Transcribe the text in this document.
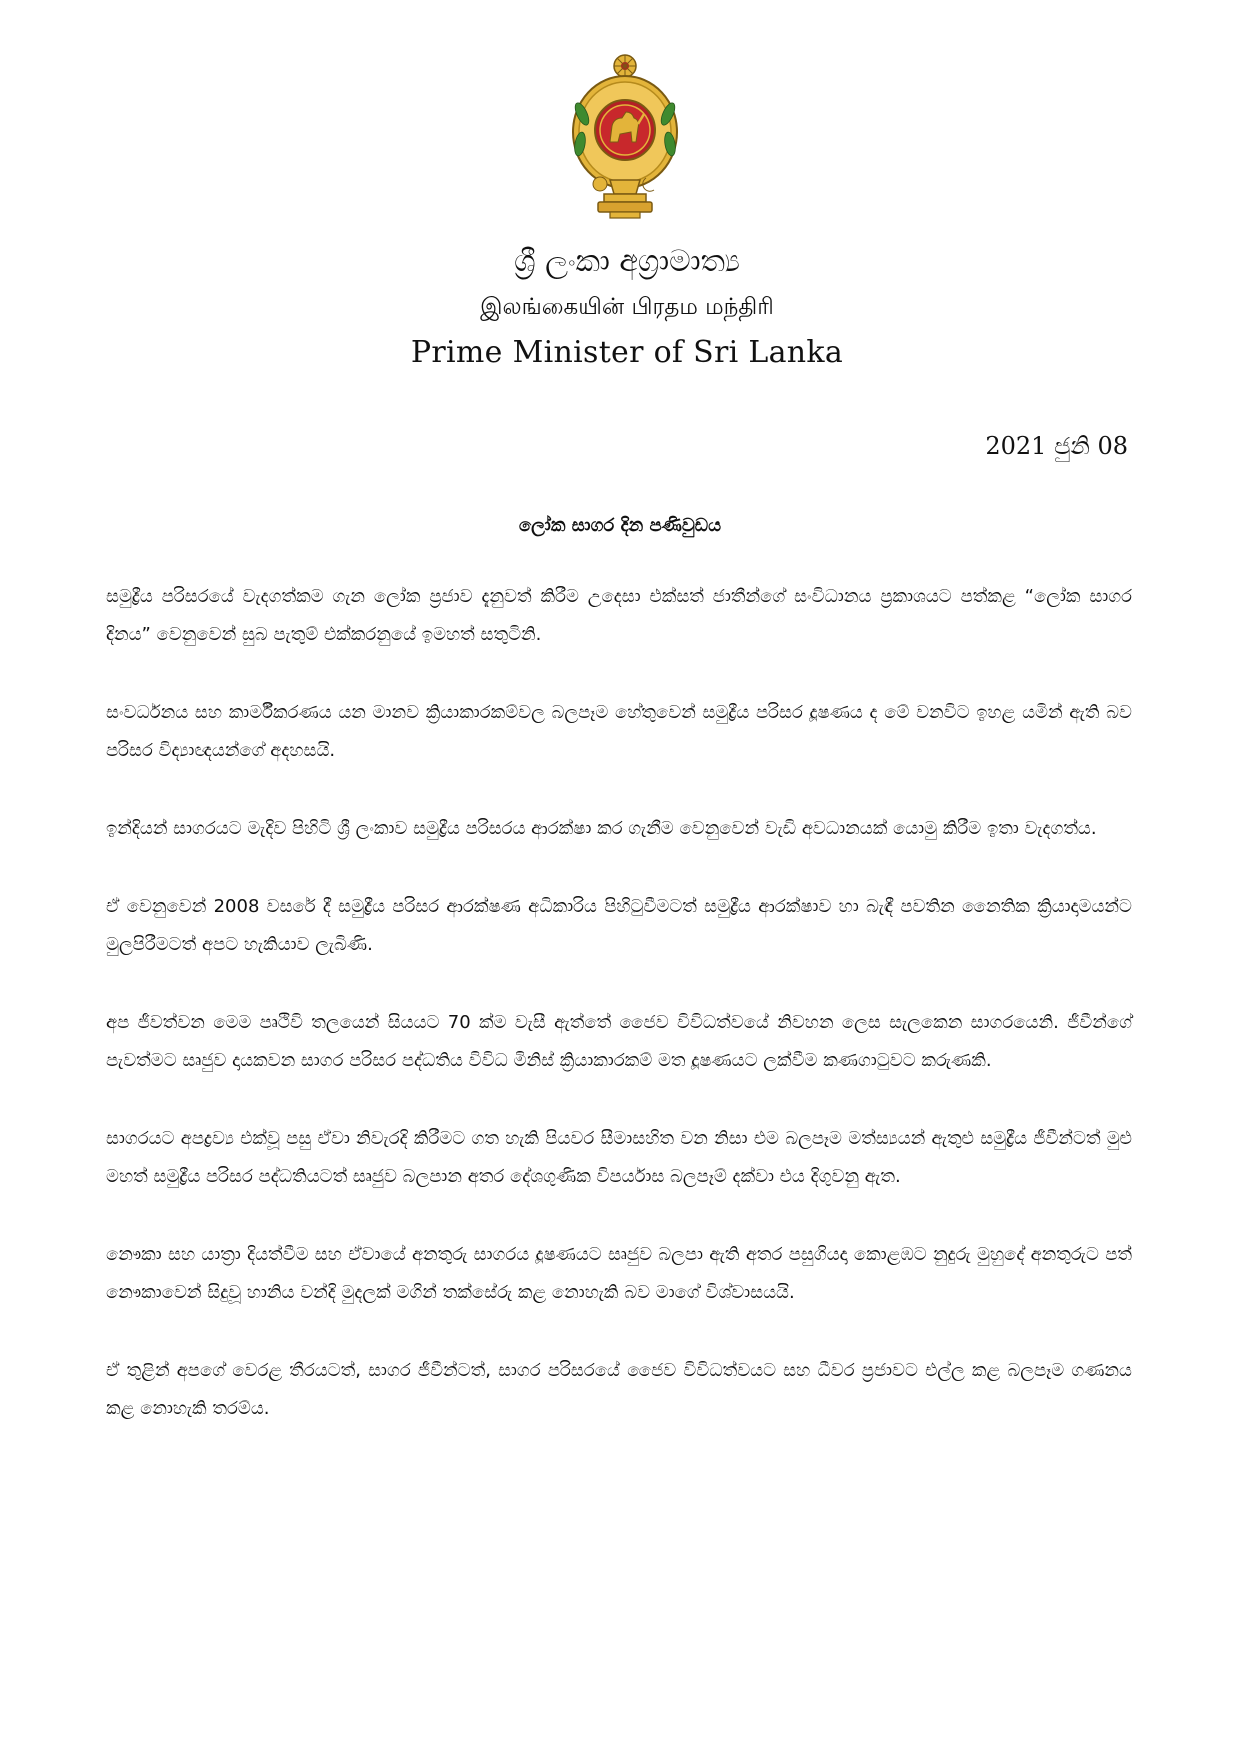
ශ්‍රී ලංකා අග්‍රාමාත්‍ය
இலங்கையின் பிரதம மந்திரி
Prime Minister of Sri Lanka
2021 ජුනි 08
ලෝක සාගර දින පණිවුඩය

සමුද්‍රීය පරිසරයේ වැදගත්කම ගැන ලෝක ප්‍රජාව දැනුවත් කිරීම උදෙසා එක්සත් ජාතීන්ගේ සංවිධානය ප්‍රකාශයට පත්කළ “ලෝක සාගර දිනය” වෙනුවෙන් සුබ පැතුම් එක්කරනුයේ ඉමහත් සතුටිනි.

සංවර්ධනය සහ කාර්මීකරණය යන මානව ක්‍රියාකාරකම්වල බලපෑම හේතුවෙන් සමුද්‍රීය පරිසර දූෂණය ද මේ වනවිට ඉහළ යමින් ඇති බව පරිසර විද්‍යාඥයන්ගේ අදහසයි.

ඉන්දියන් සාගරයට මැදිව පිහිටි ශ්‍රී ලංකාව සමුද්‍රීය පරිසරය ආරක්ෂා කර ගැනීම වෙනුවෙන් වැඩි අවධානයක් යොමු කිරීම ඉතා වැදගත්ය.

ඒ වෙනුවෙන් 2008 වසරේ දී සමුද්‍රීය පරිසර ආරක්ෂණ අධිකාරිය පිහිටුවීමටත් සමුද්‍රීය ආරක්ෂාව හා බැඳී පවතින නෛතික ක්‍රියාදාමයන්ට මුලපිරීමටත් අපට හැකියාව ලැබිණි.

අප ජීවත්වන මෙම පෘථිවි තලයෙන් සියයට 70 ක්ම වැසී ඇත්තේ ජෛව විවිධත්වයේ නිවහන ලෙස සැලකෙන සාගරයෙනි. ජීවීන්ගේ පැවත්මට සෘජුව දායකවන සාගර පරිසර පද්ධතිය විවිධ මිනිස් ක්‍රියාකාරකම් මත දූෂණයට ලක්වීම කණගාටුවට කරුණකි.

සාගරයට අපද්‍රව්‍ය එක්වූ පසු ඒවා නිවැරදි කිරීමට ගත හැකි පියවර සීමාසහිත වන නිසා එම බලපෑම මත්ස්‍යයන් ඇතුළු සමුද්‍රීය ජීවීන්ටත් මුළු මහත් සමුද්‍රීය පරිසර පද්ධතියටත් සෘජුව බලපාන අතර දේශගුණික විපර්යාස බලපෑම් දක්වා එය දිගුවනු ඇත.

නෞකා සහ යාත්‍රා දියත්වීම සහ ඒවායේ අනතුරු සාගරය දූෂණයට සෘජුව බලපා ඇති අතර පසුගියදා කොළඹට නුදුරු මුහුදේ අනතුරුට පත් නෞකාවෙන් සිදුවූ හානිය වන්දි මුදලක් මගින් තක්සේරු කළ නොහැකි බව මාගේ විශ්වාසයයි.

ඒ තුළින් අපගේ වෙරළ තීරයටත්, සාගර ජීවීන්ටත්, සාගර පරිසරයේ ජෛව විවිධත්වයට සහ ධීවර ප්‍රජාවට එල්ල කළ බලපෑම ගණනය කළ නොහැකි තරම්ය.
